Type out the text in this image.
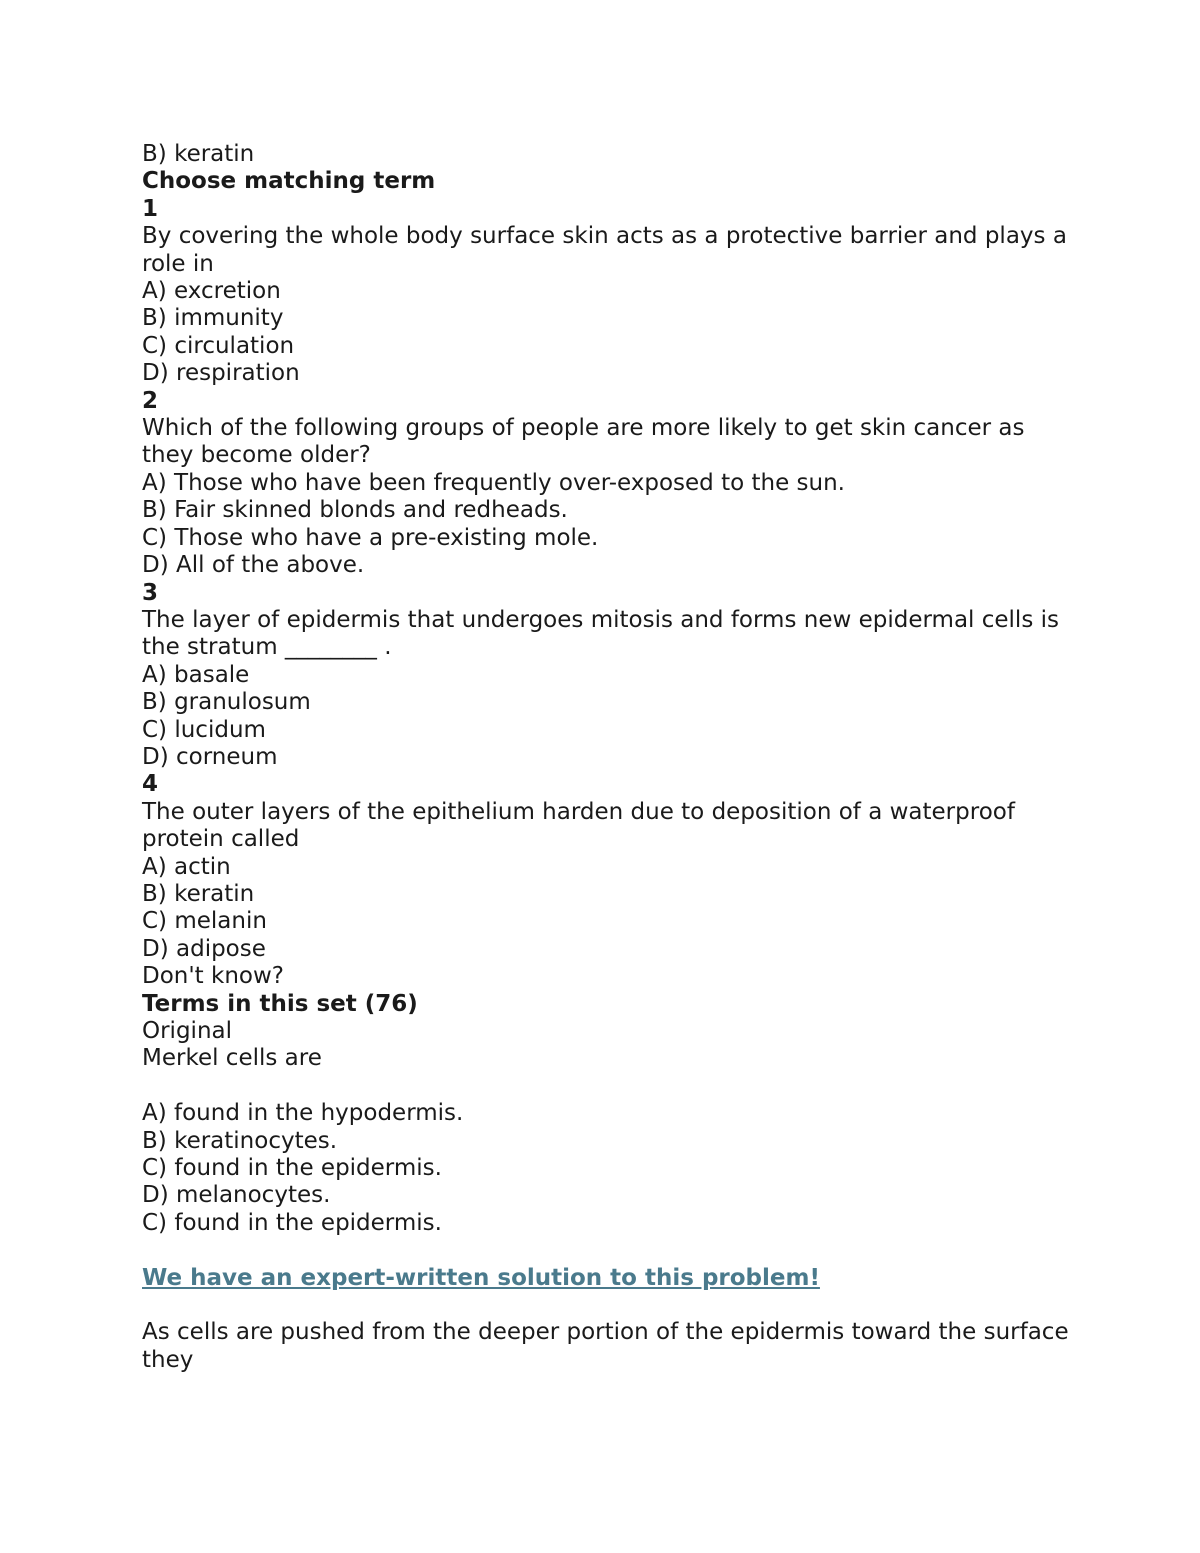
B) keratin
Choose matching term
1
By covering the whole body surface skin acts as a protective barrier and plays a role in
A) excretion
B) immunity
C) circulation
D) respiration
2
Which of the following groups of people are more likely to get skin cancer as they become older?
A) Those who have been frequently over-exposed to the sun.
B) Fair skinned blonds and redheads.
C) Those who have a pre-existing mole.
D) All of the above.
3
The layer of epidermis that undergoes mitosis and forms new epidermal cells is the stratum ________ .
A) basale
B) granulosum
C) lucidum
D) corneum
4
The outer layers of the epithelium harden due to deposition of a waterproof protein called
A) actin
B) keratin
C) melanin
D) adipose
Don't know?
Terms in this set (76)
Original
Merkel cells are
A) found in the hypodermis.
B) keratinocytes.
C) found in the epidermis.
D) melanocytes.
C) found in the epidermis.
We have an expert-written solution to this problem!
As cells are pushed from the deeper portion of the epidermis toward the surface they
